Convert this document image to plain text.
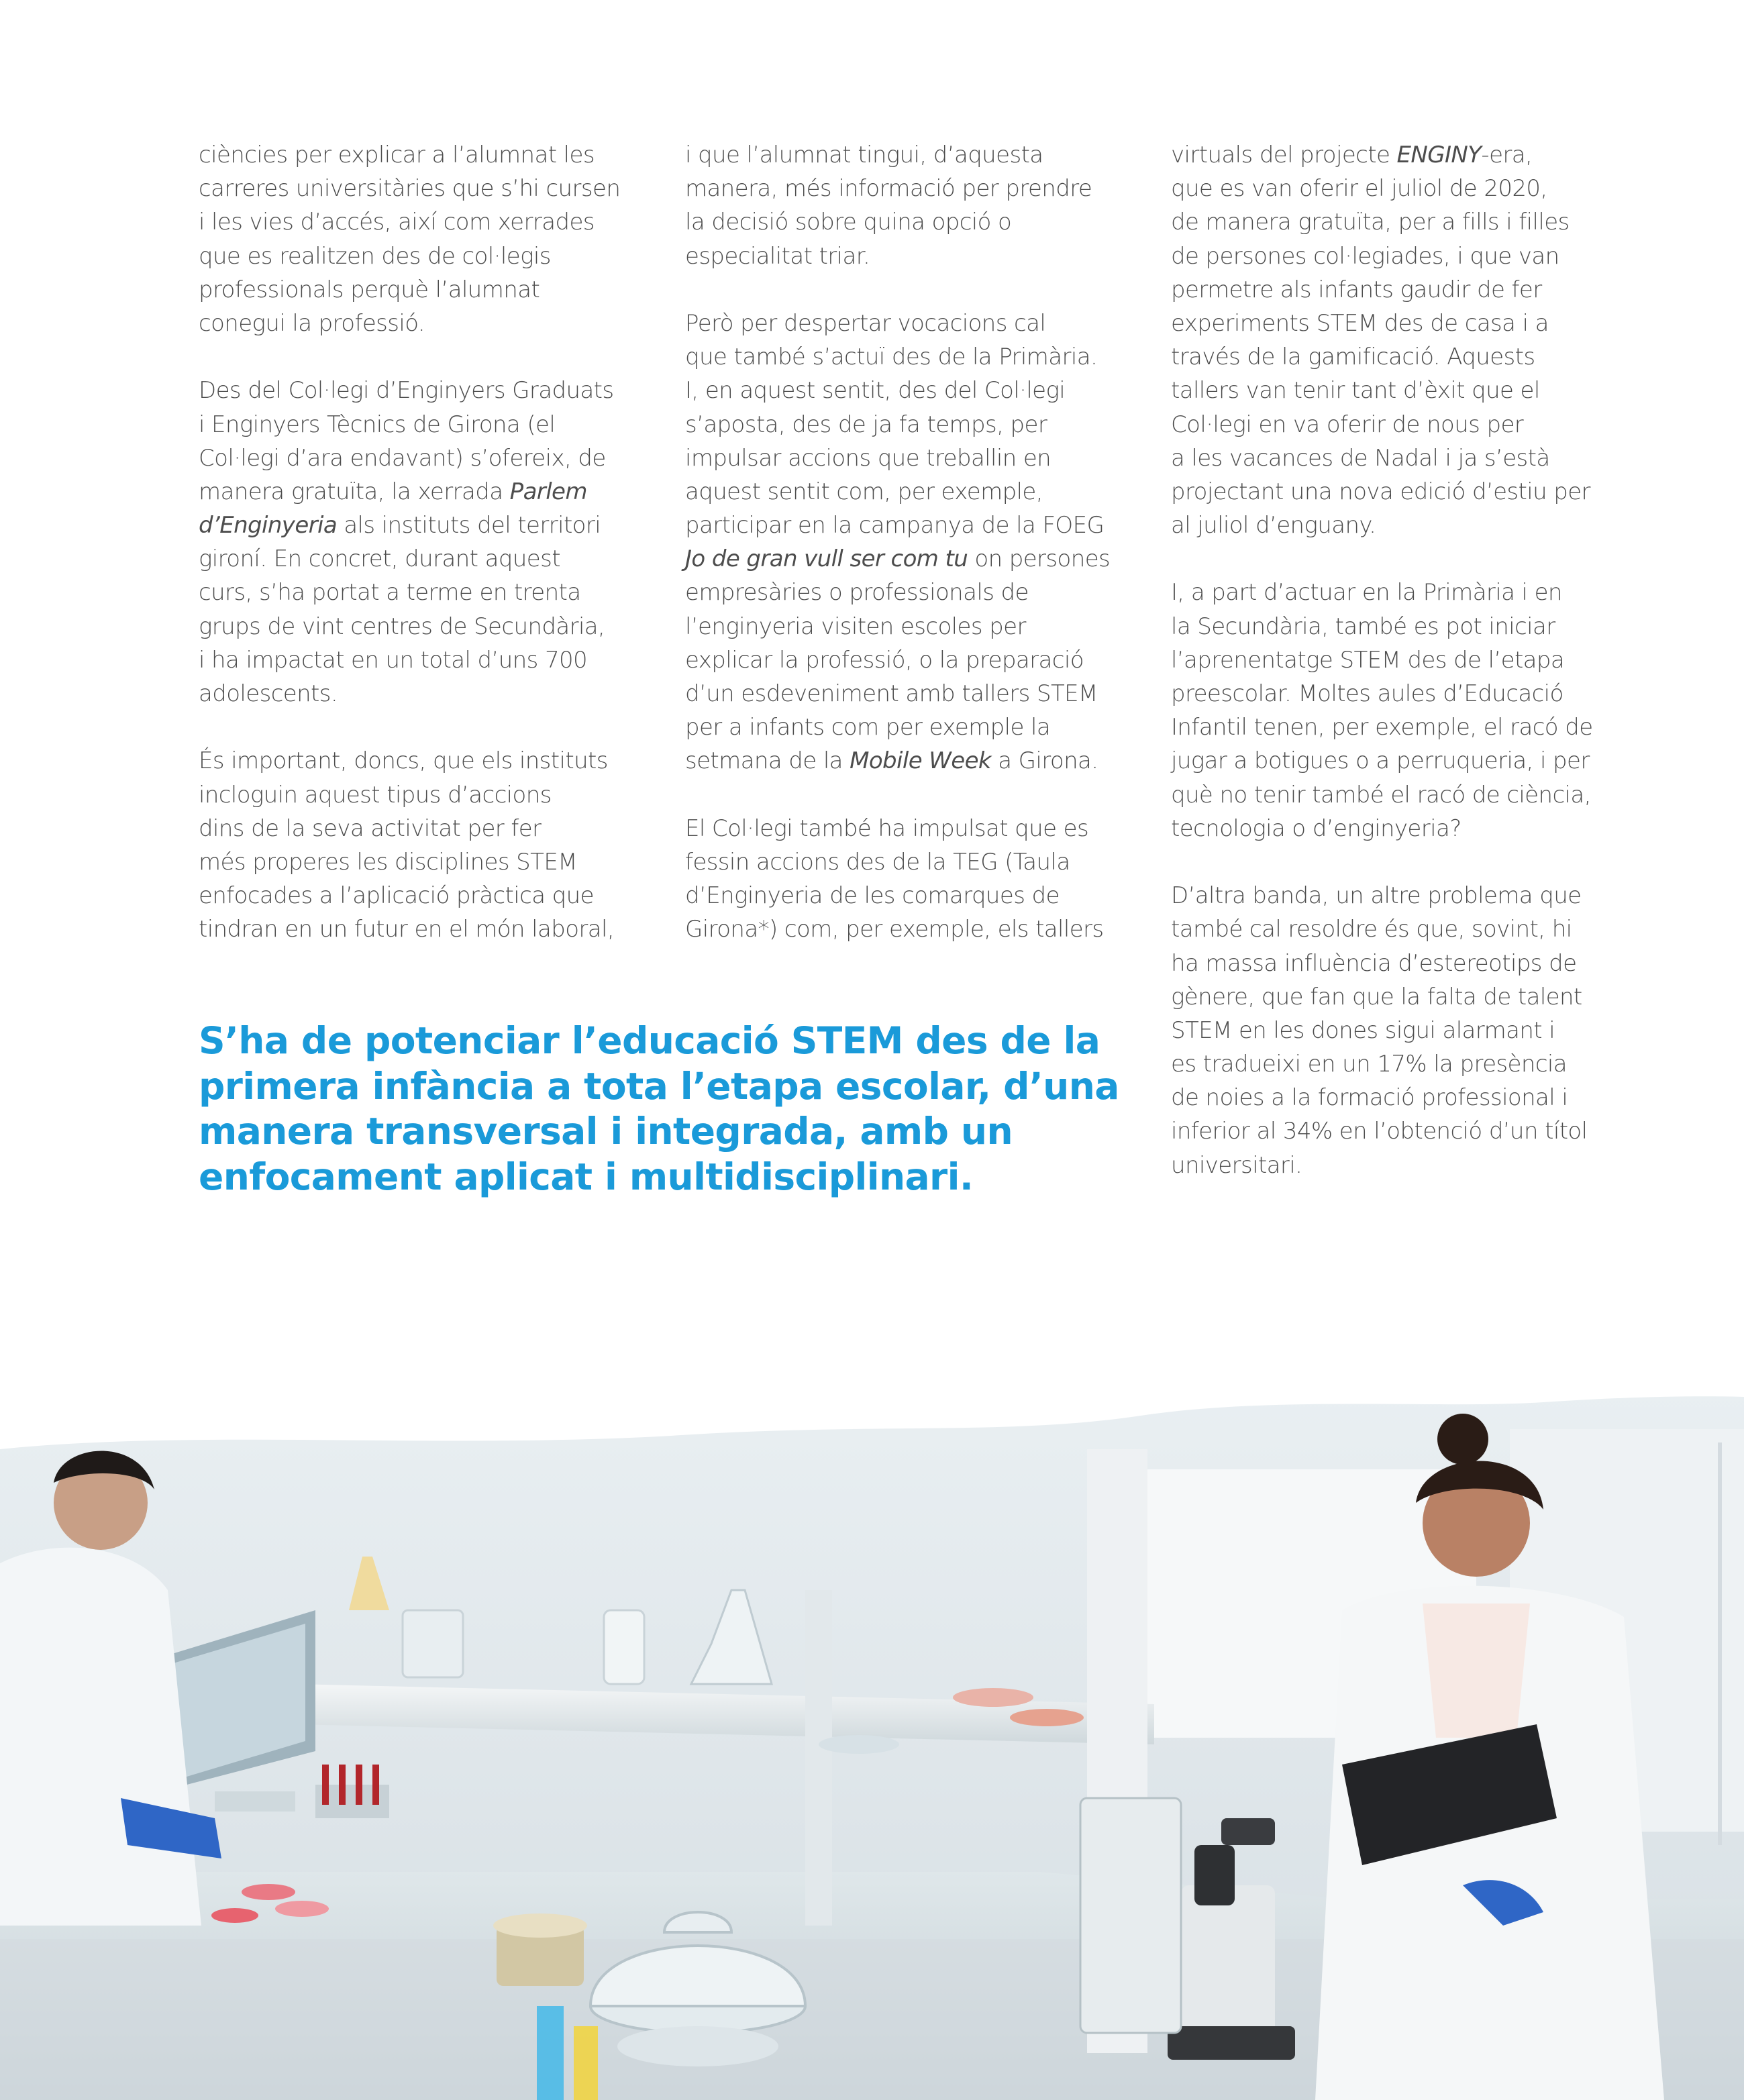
ciències per explicar a l’alumnat les
carreres universitàries que s’hi cursen
i les vies d’accés, així com xerrades
que es realitzen des de col·legis
professionals perquè l’alumnat
conegui la professió.

Des del Col·legi d’Enginyers Graduats
i Enginyers Tècnics de Girona (el
Col·legi d’ara endavant) s’ofereix, de
manera gratuïta, la xerrada Parlem
d’Enginyeria als instituts del territori
gironí. En concret, durant aquest
curs, s’ha portat a terme en trenta
grups de vint centres de Secundària,
i ha impactat en un total d’uns 700
adolescents.

És important, doncs, que els instituts
incloguin aquest tipus d’accions
dins de la seva activitat per fer
més properes les disciplines STEM
enfocades a l’aplicació pràctica que
tindran en un futur en el món laboral,

i que l’alumnat tingui, d’aquesta
manera, més informació per prendre
la decisió sobre quina opció o
especialitat triar.

Però per despertar vocacions cal
que també s’actuï des de la Primària.
I, en aquest sentit, des del Col·legi
s’aposta, des de ja fa temps, per
impulsar accions que treballin en
aquest sentit com, per exemple,
participar en la campanya de la FOEG
Jo de gran vull ser com tu on persones
empresàries o professionals de
l’enginyeria visiten escoles per
explicar la professió, o la preparació
d’un esdeveniment amb tallers STEM
per a infants com per exemple la
setmana de la Mobile Week a Girona.

El Col·legi també ha impulsat que es
fessin accions des de la TEG (Taula
d’Enginyeria de les comarques de
Girona*) com, per exemple, els tallers

virtuals del projecte ENGINY-era,
que es van oferir el juliol de 2020,
de manera gratuïta, per a fills i filles
de persones col·legiades, i que van
permetre als infants gaudir de fer
experiments STEM des de casa i a
través de la gamificació. Aquests
tallers van tenir tant d’èxit que el
Col·legi en va oferir de nous per
a les vacances de Nadal i ja s’està
projectant una nova edició d’estiu per
al juliol d’enguany.

I, a part d’actuar en la Primària i en
la Secundària, també es pot iniciar
l’aprenentatge STEM des de l’etapa
preescolar. Moltes aules d’Educació
Infantil tenen, per exemple, el racó de
jugar a botigues o a perruqueria, i per
què no tenir també el racó de ciència,
tecnologia o d’enginyeria?

D’altra banda, un altre problema que
també cal resoldre és que, sovint, hi
ha massa influència d’estereotips de
gènere, que fan que la falta de talent
STEM en les dones sigui alarmant i
es tradueixi en un 17% la presència
de noies a la formació professional i
inferior al 34% en l’obtenció d’un títol
universitari.

S’ha de potenciar l’educació STEM des de la
primera infància a tota l’etapa escolar, d’una
manera transversal i integrada, amb un
enfocament aplicat i multidisciplinari.
